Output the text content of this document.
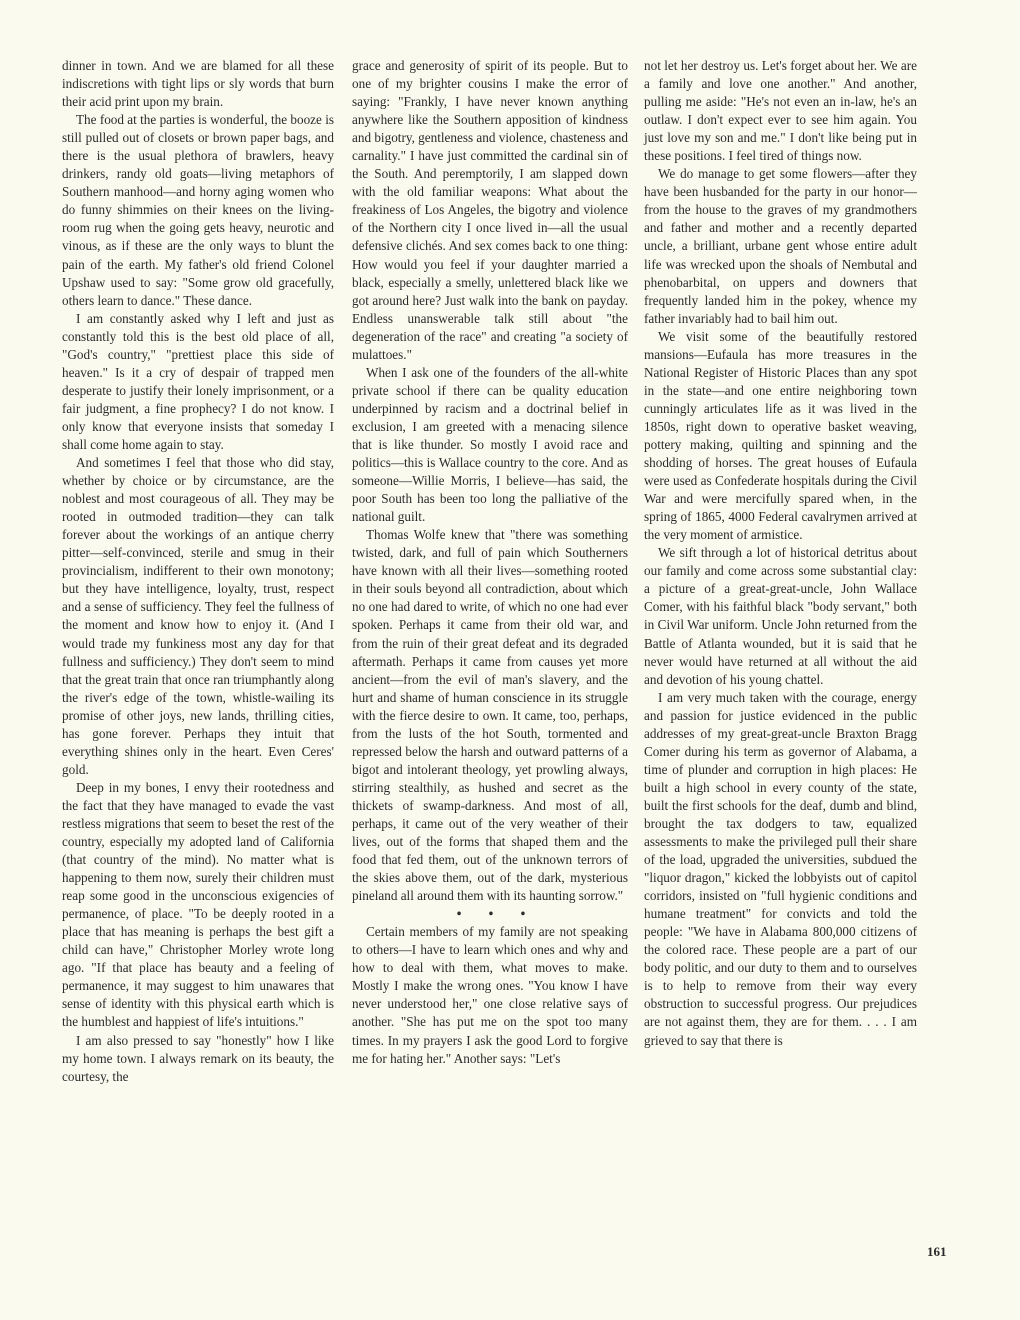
dinner in town. And we are blamed for all these indiscretions with tight lips or sly words that burn their acid print upon my brain.

The food at the parties is wonderful, the booze is still pulled out of closets or brown paper bags, and there is the usual plethora of brawlers, heavy drinkers, randy old goats—living metaphors of Southern manhood—and horny aging women who do funny shimmies on their knees on the living-room rug when the going gets heavy, neurotic and vinous, as if these are the only ways to blunt the pain of the earth. My father's old friend Colonel Upshaw used to say: "Some grow old gracefully, others learn to dance." These dance.

I am constantly asked why I left and just as constantly told this is the best old place of all, "God's country," "prettiest place this side of heaven." Is it a cry of despair of trapped men desperate to justify their lonely imprisonment, or a fair judgment, a fine prophecy? I do not know. I only know that everyone insists that someday I shall come home again to stay.

And sometimes I feel that those who did stay, whether by choice or by circumstance, are the noblest and most courageous of all. They may be rooted in outmoded tradition—they can talk forever about the workings of an antique cherry pitter—self-convinced, sterile and smug in their provincialism, indifferent to their own monotony; but they have intelligence, loyalty, trust, respect and a sense of sufficiency. They feel the fullness of the moment and know how to enjoy it. (And I would trade my funkiness most any day for that fullness and sufficiency.) They don't seem to mind that the great train that once ran triumphantly along the river's edge of the town, whistle-wailing its promise of other joys, new lands, thrilling cities, has gone forever. Perhaps they intuit that everything shines only in the heart. Even Ceres' gold.

Deep in my bones, I envy their rootedness and the fact that they have managed to evade the vast restless migrations that seem to beset the rest of the country, especially my adopted land of California (that country of the mind). No matter what is happening to them now, surely their children must reap some good in the unconscious exigencies of permanence, of place. "To be deeply rooted in a place that has meaning is perhaps the best gift a child can have," Christopher Morley wrote long ago. "If that place has beauty and a feeling of permanence, it may suggest to him unawares that sense of identity with this physical earth which is the humblest and happiest of life's intuitions."

I am also pressed to say "honestly" how I like my home town. I always remark on its beauty, the courtesy, the

grace and generosity of spirit of its people. But to one of my brighter cousins I make the error of saying: "Frankly, I have never known anything anywhere like the Southern apposition of kindness and bigotry, gentleness and violence, chasteness and carnality." I have just committed the cardinal sin of the South. And peremptorily, I am slapped down with the old familiar weapons: What about the freakiness of Los Angeles, the bigotry and violence of the Northern city I once lived in—all the usual defensive clichés. And sex comes back to one thing: How would you feel if your daughter married a black, especially a smelly, unlettered black like we got around here? Just walk into the bank on payday. Endless unanswerable talk still about "the degeneration of the race" and creating "a society of mulattoes."

When I ask one of the founders of the all-white private school if there can be quality education underpinned by racism and a doctrinal belief in exclusion, I am greeted with a menacing silence that is like thunder. So mostly I avoid race and politics—this is Wallace country to the core. And as someone—Willie Morris, I believe—has said, the poor South has been too long the palliative of the national guilt.

Thomas Wolfe knew that "there was something twisted, dark, and full of pain which Southerners have known with all their lives—something rooted in their souls beyond all contradiction, about which no one had dared to write, of which no one had ever spoken. Perhaps it came from their old war, and from the ruin of their great defeat and its degraded aftermath. Perhaps it came from causes yet more ancient—from the evil of man's slavery, and the hurt and shame of human conscience in its struggle with the fierce desire to own. It came, too, perhaps, from the lusts of the hot South, tormented and repressed below the harsh and outward patterns of a bigot and intolerant theology, yet prowling always, stirring stealthily, as hushed and secret as the thickets of swamp-darkness. And most of all, perhaps, it came out of the very weather of their lives, out of the forms that shaped them and the food that fed them, out of the unknown terrors of the skies above them, out of the dark, mysterious pineland all around them with its haunting sorrow."

• • •

Certain members of my family are not speaking to others—I have to learn which ones and why and how to deal with them, what moves to make. Mostly I make the wrong ones. "You know I have never understood her," one close relative says of another. "She has put me on the spot too many times. In my prayers I ask the good Lord to forgive me for hating her." Another says: "Let's

not let her destroy us. Let's forget about her. We are a family and love one another." And another, pulling me aside: "He's not even an in-law, he's an outlaw. I don't expect ever to see him again. You just love my son and me." I don't like being put in these positions. I feel tired of things now.

We do manage to get some flowers—after they have been husbanded for the party in our honor—from the house to the graves of my grandmothers and father and mother and a recently departed uncle, a brilliant, urbane gent whose entire adult life was wrecked upon the shoals of Nembutal and phenobarbital, on uppers and downers that frequently landed him in the pokey, whence my father invariably had to bail him out.

We visit some of the beautifully restored mansions—Eufaula has more treasures in the National Register of Historic Places than any spot in the state—and one entire neighboring town cunningly articulates life as it was lived in the 1850s, right down to operative basket weaving, pottery making, quilting and spinning and the shodding of horses. The great houses of Eufaula were used as Confederate hospitals during the Civil War and were mercifully spared when, in the spring of 1865, 4000 Federal cavalrymen arrived at the very moment of armistice.

We sift through a lot of historical detritus about our family and come across some substantial clay: a picture of a great-great-uncle, John Wallace Comer, with his faithful black "body servant," both in Civil War uniform. Uncle John returned from the Battle of Atlanta wounded, but it is said that he never would have returned at all without the aid and devotion of his young chattel.

I am very much taken with the courage, energy and passion for justice evidenced in the public addresses of my great-great-uncle Braxton Bragg Comer during his term as governor of Alabama, a time of plunder and corruption in high places: He built a high school in every county of the state, built the first schools for the deaf, dumb and blind, brought the tax dodgers to taw, equalized assessments to make the privileged pull their share of the load, upgraded the universities, subdued the "liquor dragon," kicked the lobbyists out of capitol corridors, insisted on "full hygienic conditions and humane treatment" for convicts and told the people: "We have in Alabama 800,000 citizens of the colored race. These people are a part of our body politic, and our duty to them and to ourselves is to help to remove from their way every obstruction to successful progress. Our prejudices are not against them, they are for them. . . . I am grieved to say that there is

161
